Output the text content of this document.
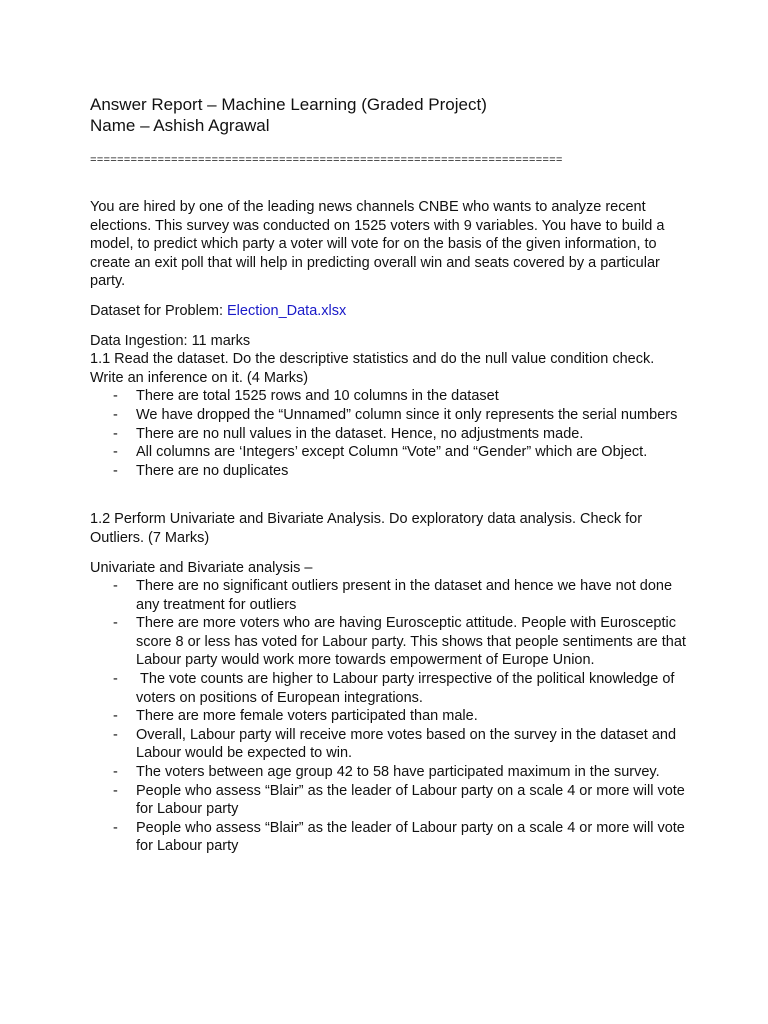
Answer Report – Machine Learning (Graded Project)
Name – Ashish Agrawal
======================================================================

You are hired by one of the leading news channels CNBE who wants to analyze recent elections. This survey was conducted on 1525 voters with 9 variables. You have to build a model, to predict which party a voter will vote for on the basis of the given information, to create an exit poll that will help in predicting overall win and seats covered by a particular party.

Dataset for Problem: Election_Data.xlsx

Data Ingestion: 11 marks

1.1 Read the dataset. Do the descriptive statistics and do the null value condition check. Write an inference on it. (4 Marks)

- There are total 1525 rows and 10 columns in the dataset
- We have dropped the “Unnamed” column since it only represents the serial numbers
- There are no null values in the dataset. Hence, no adjustments made.
- All columns are ‘Integers’ except Column “Vote” and “Gender” which are Object.
- There are no duplicates

1.2 Perform Univariate and Bivariate Analysis. Do exploratory data analysis. Check for Outliers. (7 Marks)

Univariate and Bivariate analysis –

- There are no significant outliers present in the dataset and hence we have not done any treatment for outliers
- There are more voters who are having Eurosceptic attitude. People with Eurosceptic score 8 or less has voted for Labour party. This shows that people sentiments are that Labour party would work more towards empowerment of Europe Union.
- The vote counts are higher to Labour party irrespective of the political knowledge of voters on positions of European integrations.
- There are more female voters participated than male.
- Overall, Labour party will receive more votes based on the survey in the dataset and Labour would be expected to win.
- The voters between age group 42 to 58 have participated maximum in the survey.
- People who assess “Blair” as the leader of Labour party on a scale 4 or more will vote for Labour party
- People who assess “Blair” as the leader of Labour party on a scale 4 or more will vote for Labour party
